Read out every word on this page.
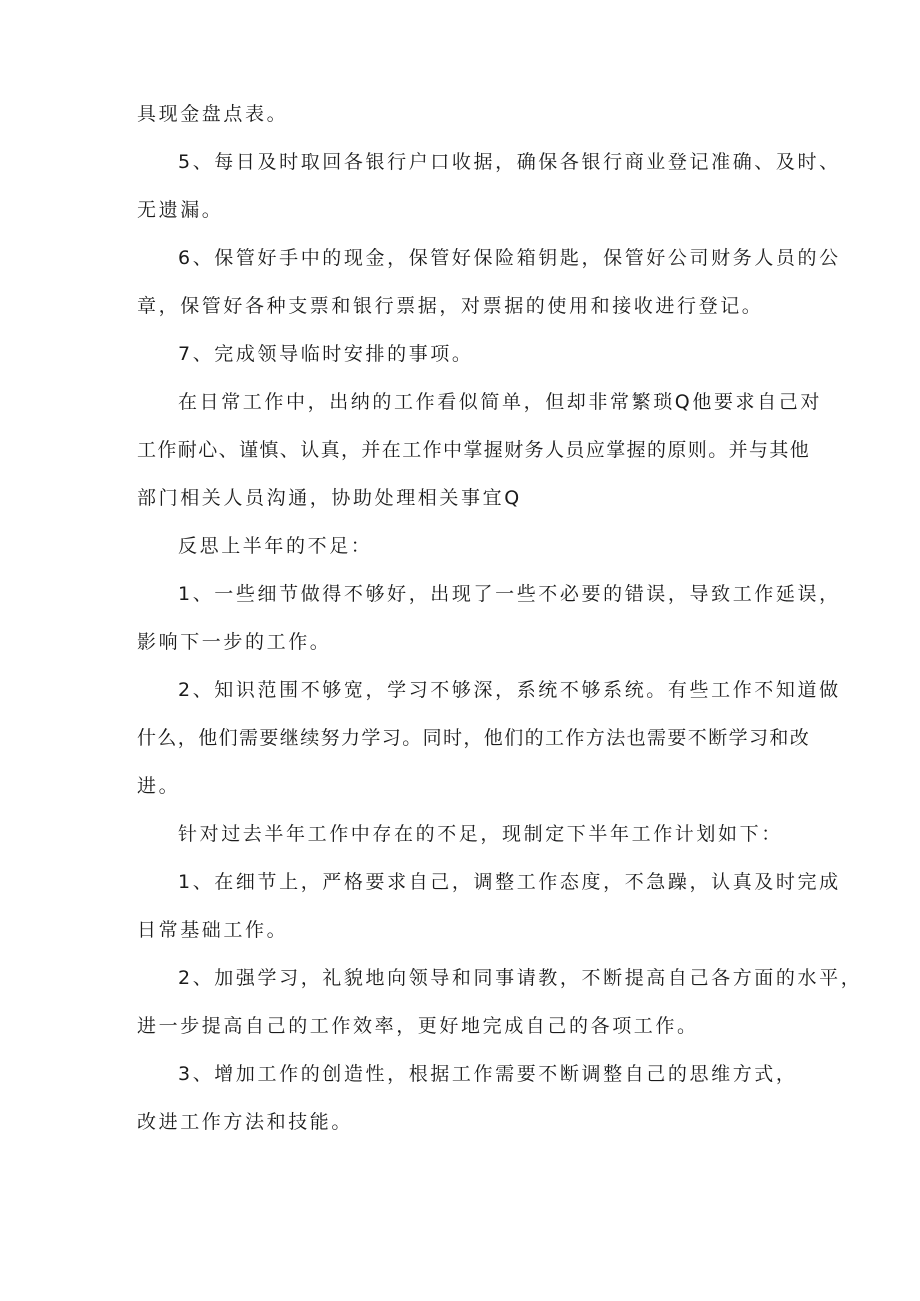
具现金盘点表。

5、每日及时取回各银行户口收据，确保各银行商业登记准确、及时、

无遗漏。

6、保管好手中的现金，保管好保险箱钥匙，保管好公司财务人员的公

章，保管好各种支票和银行票据，对票据的使用和接收进行登记。

7、完成领导临时安排的事项。

在日常工作中，出纳的工作看似简单，但却非常繁琐Q他要求自己对

工作耐心、谨慎、认真，并在工作中掌握财务人员应掌握的原则。并与其他

部门相关人员沟通，协助处理相关事宜Q

反思上半年的不足：

1、一些细节做得不够好，出现了一些不必要的错误，导致工作延误，

影响下一步的工作。

2、知识范围不够宽，学习不够深，系统不够系统。有些工作不知道做

什么，他们需要继续努力学习。同时，他们的工作方法也需要不断学习和改

进。

针对过去半年工作中存在的不足，现制定下半年工作计划如下：

1、在细节上，严格要求自己，调整工作态度，不急躁，认真及时完成

日常基础工作。

2、加强学习，礼貌地向领导和同事请教，不断提高自己各方面的水平，

进一步提高自己的工作效率，更好地完成自己的各项工作。

3、增加工作的创造性，根据工作需要不断调整自己的思维方式，

改进工作方法和技能。
